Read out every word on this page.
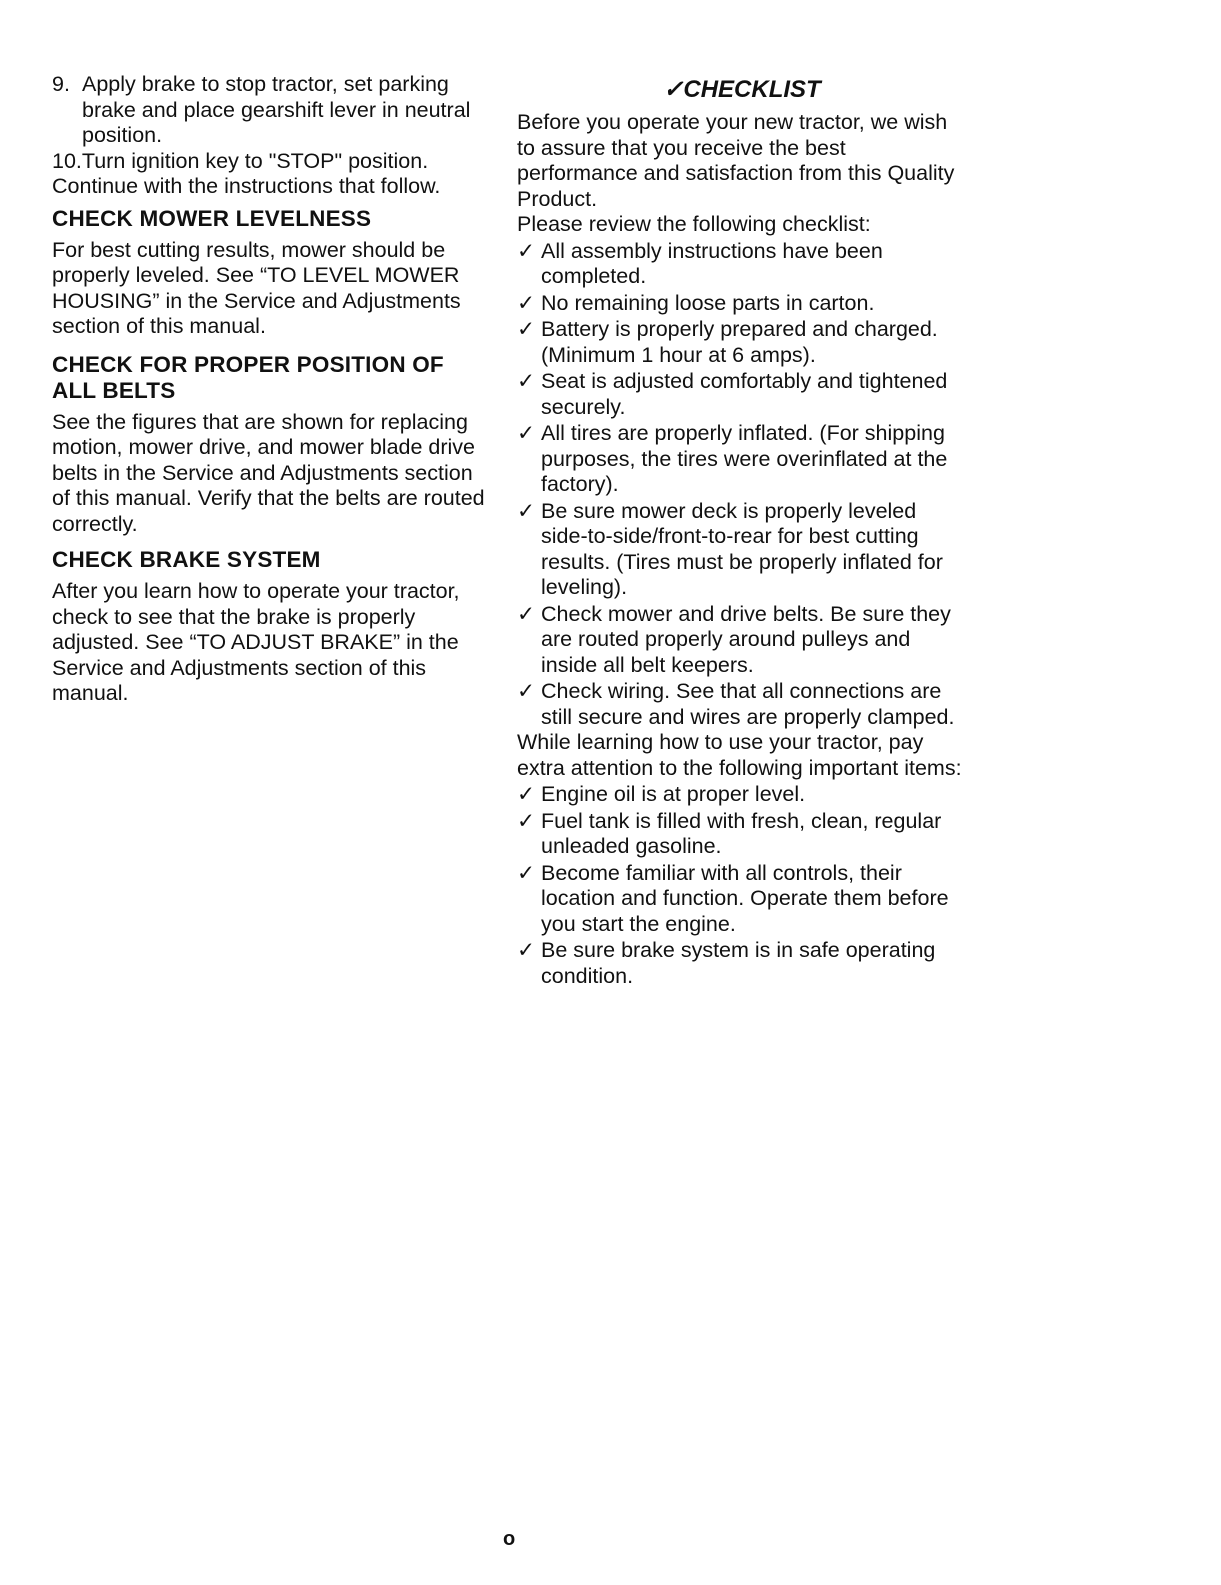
9. Apply brake to stop tractor, set parking brake and place gearshift lever in neutral position.

10.Turn ignition key to "STOP" position.

Continue with the instructions that follow.

CHECK MOWER LEVELNESS

For best cutting results, mower should be properly leveled. See “TO LEVEL MOWER HOUSING” in the Service and Adjustments section of this manual.

CHECK FOR PROPER POSITION OF ALL BELTS

See the figures that are shown for replacing motion, mower drive, and mower blade drive belts in the Service and Adjustments section of this manual. Verify that the belts are routed correctly.

CHECK BRAKE SYSTEM

After you learn how to operate your tractor, check to see that the brake is properly adjusted. See “TO ADJUST BRAKE” in the Service and Adjustments section of this manual.

✓CHECKLIST

Before you operate your new tractor, we wish to assure that you receive the best performance and satisfaction from this Quality Product.

Please review the following checklist:

✓ All assembly instructions have been completed.
✓ No remaining loose parts in carton.
✓ Battery is properly prepared and charged. (Minimum 1 hour at 6 amps).
✓ Seat is adjusted comfortably and tightened securely.
✓ All tires are properly inflated. (For shipping purposes, the tires were overinflated at the factory).
✓ Be sure mower deck is properly leveled side-to-side/front-to-rear for best cutting results. (Tires must be properly inflated for leveling).
✓ Check mower and drive belts. Be sure they are routed properly around pulleys and inside all belt keepers.
✓ Check wiring. See that all connections are still secure and wires are properly clamped.

While learning how to use your tractor, pay extra attention to the following important items:

✓ Engine oil is at proper level.
✓ Fuel tank is filled with fresh, clean, regular unleaded gasoline.
✓ Become familiar with all controls, their location and function. Operate them before you start the engine.
✓ Be sure brake system is in safe operating condition.
o
